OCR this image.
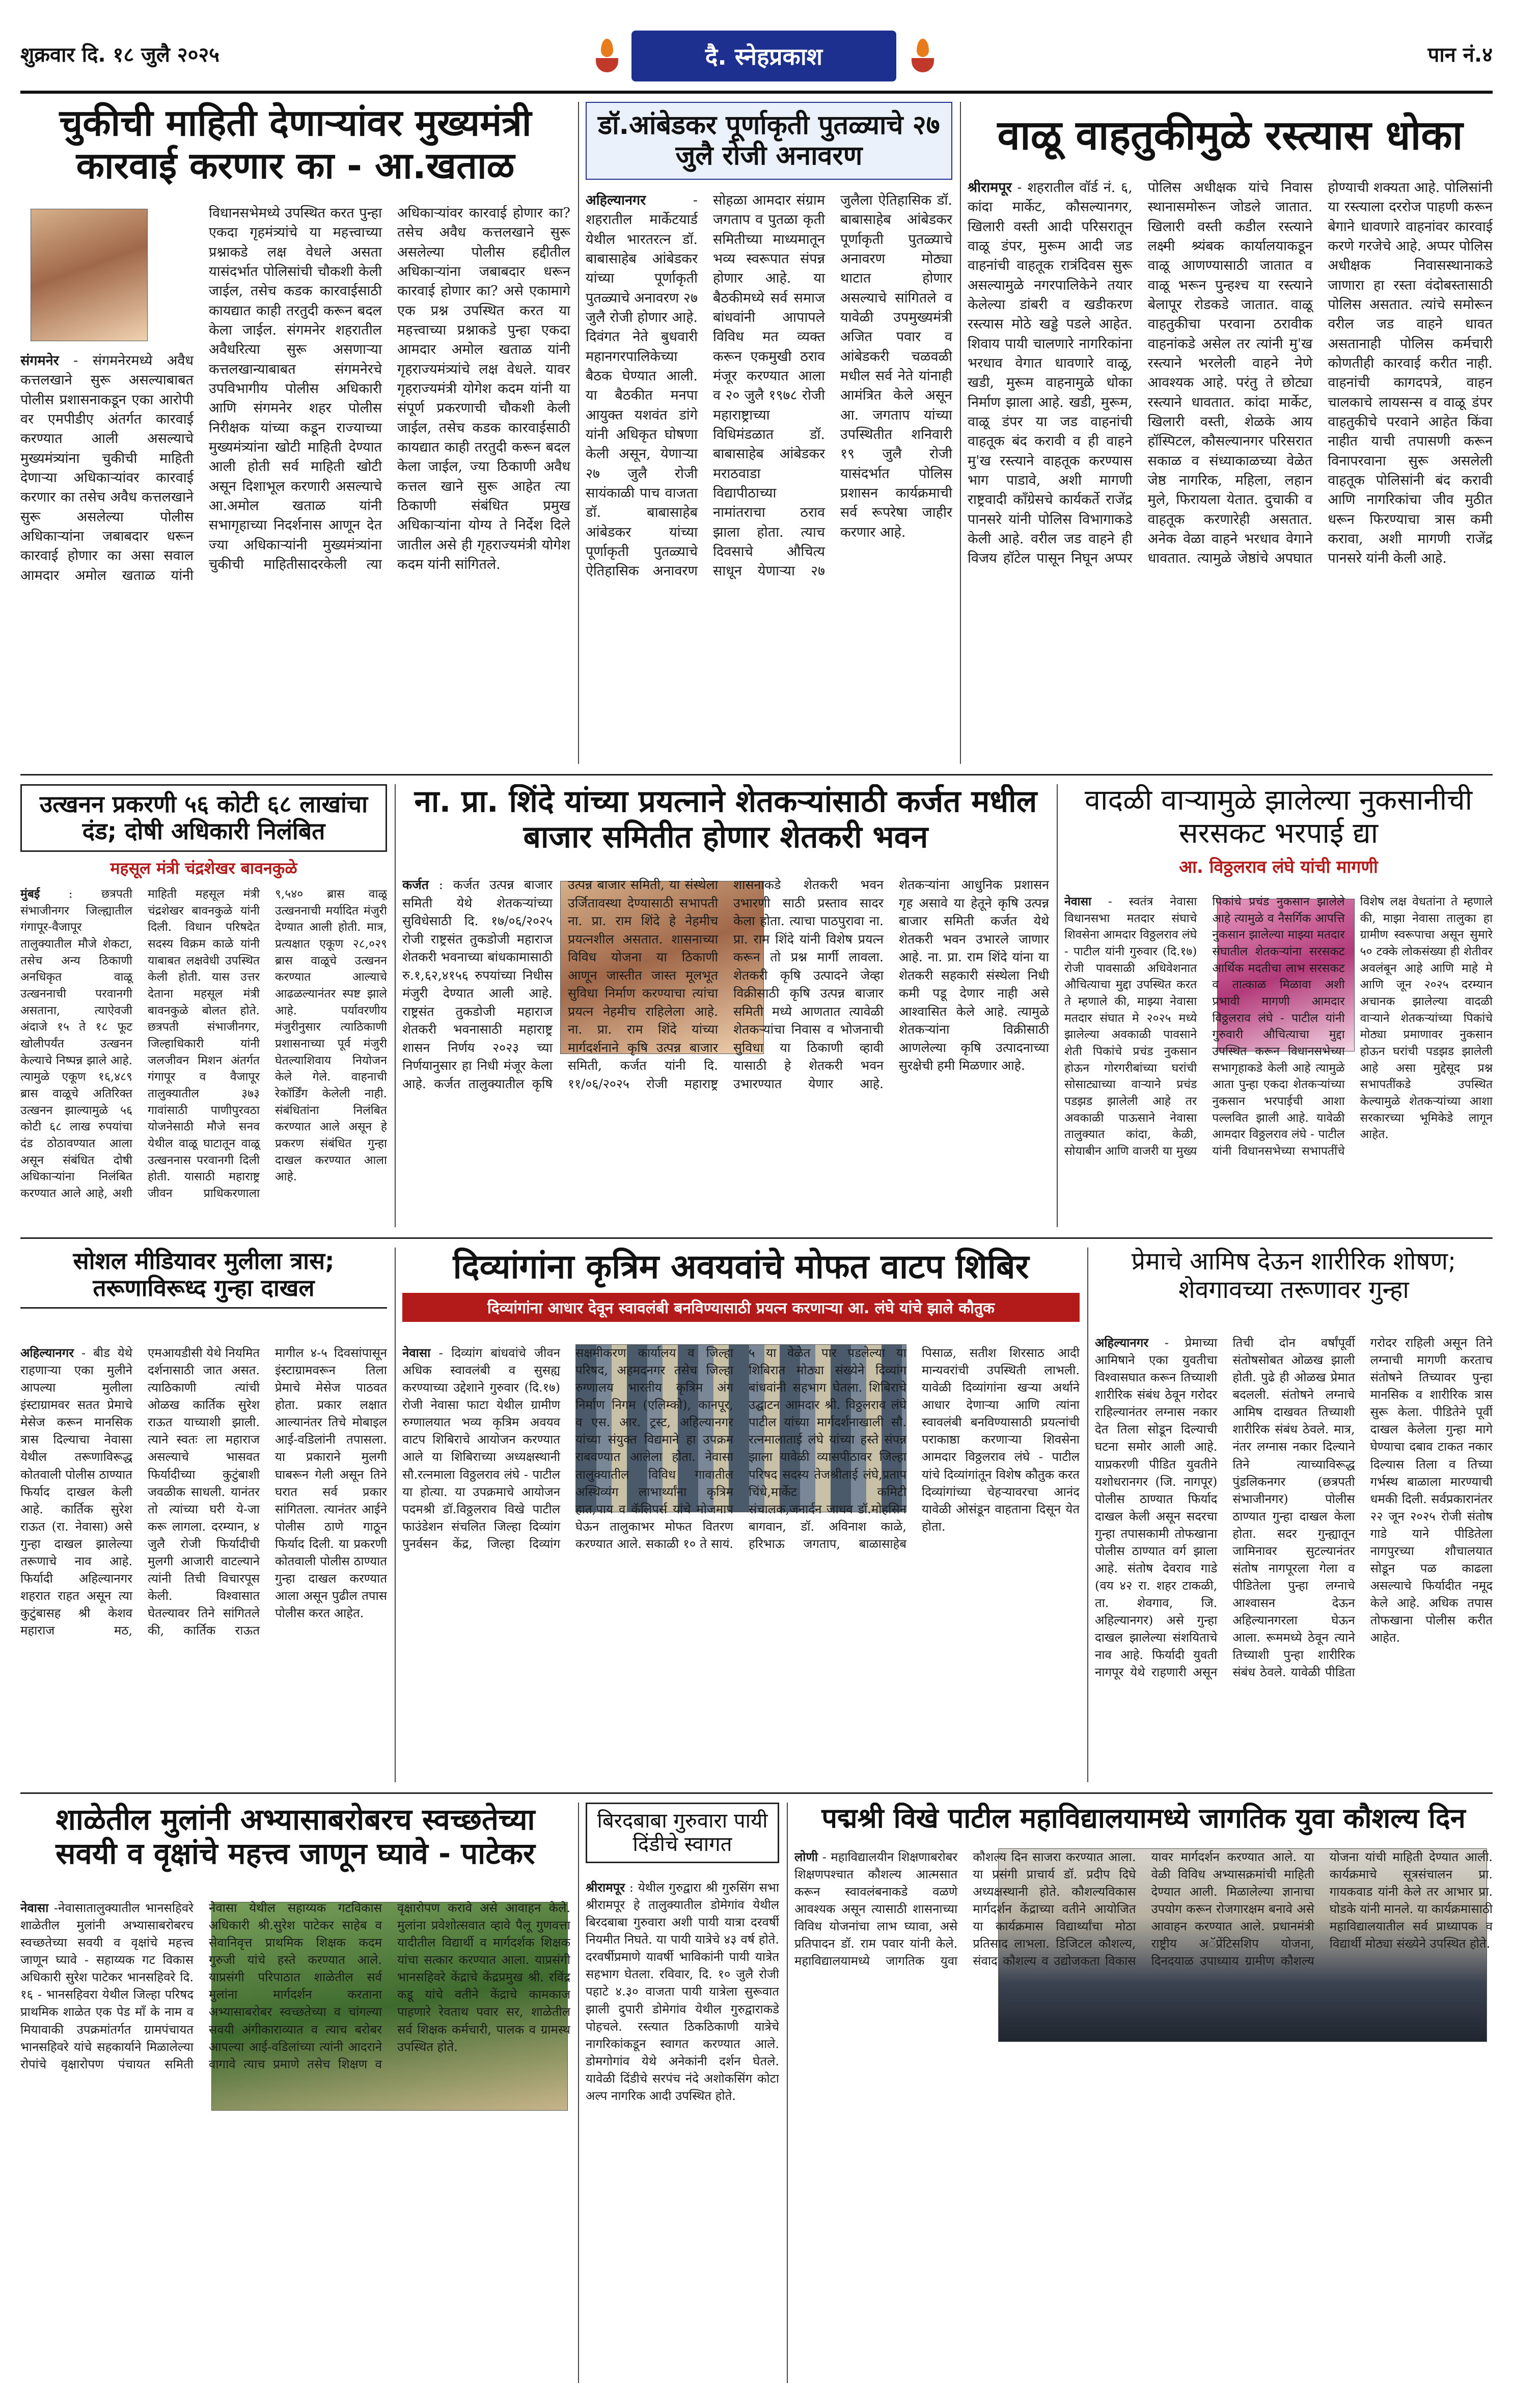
शुक्रवार दि. १८ जुलै २०२५	दै. स्नेहप्रकाश	पान नं.४
चुकीची माहिती देणाऱ्यांवर मुख्यमंत्री कारवाई करणार का - आ.खताळ
संगमनेर - संगमनेरमध्ये अवैध कत्तलखाने सुरू असल्याबाबत पोलीस प्रशासनाकडून एका आरोपी वर एमपीडीए अंतर्गत कारवाई करण्यात आली असल्याचे मुख्यमंत्र्यांना चुकीची माहिती देणाऱ्या अधिकाऱ्यांवर कारवाई करणार का तसेच अवैध कत्तलखाने सुरू असलेल्या पोलीस अधिकाऱ्यांना जबाबदार धरून कारवाई होणार का असा सवाल आमदार अमोल खताळ यांनी विधानसभेमध्ये उपस्थित करत पुन्हा एकदा गृहमंत्र्यांचे या महत्त्वाच्या प्रश्नाकडे लक्ष वेधले असता यासंदर्भात पोलिसांची चौकशी केली जाईल, तसेच कडक कारवाईसाठी कायद्यात काही तरतुदी करून बदल केला जाईल. संगमनेर शहरातील अवैधरित्या सुरू असणाऱ्या कत्तलखान्याबाबत संगमनेरचे उपविभागीय पोलीस अधिकारी आणि संगमनेर शहर पोलीस निरीक्षक यांच्या कडून राज्याच्या मुख्यमंत्र्यांना खोटी माहिती देण्यात आली होती सर्व माहिती खोटी असून दिशाभूल करणारी असल्याचे आ.अमोल खताळ यांनी सभागृहाच्या निदर्शनास आणून देत ज्या अधिकाऱ्यांनी मुख्यमंत्र्यांना चुकीची माहितीसादरकेली त्या अधिकाऱ्यांवर कारवाई होणार का? तसेच अवैध कत्तलखाने सुरू असलेल्या पोलीस हद्दीतील अधिकाऱ्यांना जबाबदार धरून कारवाई होणार का? असे एकामागे एक प्रश्न उपस्थित करत या महत्त्वाच्या प्रश्नाकडे पुन्हा एकदा आमदार अमोल खताळ यांनी गृहराज्यमंत्र्यांचे लक्ष वेधले. यावर गृहराज्यमंत्री योगेश कदम यांनी या संपूर्ण प्रकरणाची चौकशी केली जाईल, तसेच कडक कारवाईसाठी कायद्यात काही तरतुदी करून बदल केला जाईल, ज्या ठिकाणी अवैध कत्तल खाने सुरू आहेत त्या ठिकाणी संबंधित प्रमुख अधिकाऱ्यांना योग्य ते निर्देश दिले जातील असे ही गृहराज्यमंत्री योगेश कदम यांनी सांगितले.
डॉ.आंबेडकर पूर्णाकृती पुतळ्याचे २७ जुलै रोजी अनावरण
अहिल्यानगर	- शहरातील मार्केटयार्ड येथील भारतरत्न डॉ. बाबासाहेब आंबेडकर यांच्या पूर्णाकृती पुतळ्याचे अनावरण २७ जुलै रोजी होणार आहे. दिवंगत नेते बुधवारी महानगरपालिकेच्या बैठक घेण्यात आली. या बैठकीत मनपा आयुक्त यशवंत डांगे यांनी अधिकृत घोषणा केली असून, येणाऱ्या २७ जुलै रोजी सायंकाळी पाच वाजता डॉ. बाबासाहेब आंबेडकर यांच्या पूर्णाकृती पुतळ्याचे ऐतिहासिक अनावरण सोहळा आमदार संग्राम जगताप व पुतळा कृती समितीच्या माध्यमातून भव्य स्वरूपात संपन्न होणार आहे. या बैठकीमध्ये सर्व समाज बांधवांनी आपापले विविध मत व्यक्त करून एकमुखी ठराव मंजूर करण्यात आला व २० जुलै १९७८ रोजी महाराष्ट्राच्या विधिमंडळात डॉ. बाबासाहेब आंबेडकर मराठवाडा विद्यापीठाच्या नामांतराचा ठराव झाला होता. त्याच दिवसाचे औचित्य साधून येणाऱ्या २७ जुलैला ऐतिहासिक डॉ. बाबासाहेब आंबेडकर पूर्णाकृती पुतळ्याचे अनावरण मोठ्या थाटात होणार असल्याचे सांगितले व यावेळी उपमुख्यमंत्री अजित पवार व आंबेडकरी चळवळी मधील सर्व नेते यांनाही आमंत्रित केले असून आ. जगताप यांच्या उपस्थितीत शनिवारी १९ जुलै रोजी यासंदर्भात पोलिस प्रशासन कार्यक्रमाची सर्व रूपरेषा जाहीर करणार आहे.
वाळू वाहतुकीमुळे रस्त्यास धोका
श्रीरामपूर - शहरातील वॉर्ड नं. ६, कांदा मार्केट, कौसल्यानगर, खिलारी वस्ती आदी परिसरातून वाळू डंपर, मुरूम आदी जड वाहनांची वाहतूक रात्रंदिवस सुरू असल्यामुळे नगरपालिकेने तयार केलेल्या डांबरी व खडीकरण रस्त्यास मोठे खड्डे पडले आहेत. शिवाय पायी चालणारे नागरिकांना भरधाव वेगात धावणारे वाळू, खडी, मुरूम वाहनामुळे धोका निर्माण झाला आहे. खडी, मुरूम, वाळू डंपर या जड वाहनांची वाहतूक बंद करावी व ही वाहने मु'ख रस्त्याने वाहतूक करण्यास भाग पाडावे, अशी मागणी राष्ट्रवादी काँग्रेसचे कार्यकर्ते राजेंद्र पानसरे यांनी पोलिस विभागाकडे केली आहे. वरील जड वाहने ही विजय हॉटेल पासून निघून अप्पर पोलिस अधीक्षक यांचे निवास स्थानासमोरून जोडले जातात. खिलारी वस्ती कडील रस्त्याने लक्ष्मी श्र्यंबक कार्यालयाकडून वाळू आणण्यासाठी जातात व वाळू भरून पुन्हश्च या रस्त्याने बेलापूर रोडकडे जातात. वाळू वाहतुकीचा परवाना ठरावीक वाहनांकडे असेल तर त्यांनी मु'ख रस्त्याने भरलेली वाहने नेणे आवश्यक आहे. परंतु ते छोट्या रस्त्याने धावतात. कांदा मार्केट, खिलारी वस्ती, शेळके आय हॉस्पिटल, कौसल्यानगर परिसरात सकाळ व संध्याकाळच्या वेळेत जेष्ठ नागरिक, महिला, लहान मुले, फिरायला येतात. दुचाकी व वाहतूक करणारेही असतात. अनेक वेळा वाहने भरधाव वेगाने धावतात. त्यामुळे जेष्ठांचे अपघात होण्याची शक्यता आहे. पोलिसांनी या रस्त्याला दररोज पाहणी करून बेगाने धावणारे वाहनांवर कारवाई करणे गरजेचे आहे. अप्पर पोलिस अधीक्षक निवासस्थानाकडे जाणारा हा रस्ता वंदोबस्तासाठी पोलिस असतात. त्यांचे समोरून वरील जड वाहने धावत असतानाही पोलिस कर्मचारी कोणतीही कारवाई करीत नाही. वाहनांची कागदपत्रे, वाहन चालकाचे लायसन्स व वाळू डंपर वाहतुकीचे परवाने आहेत किंवा नाहीत याची तपासणी करून विनापरवाना सुरू असलेली वाहतूक पोलिसांनी बंद करावी आणि नागरिकांचा जीव मुठीत धरून फिरण्याचा त्रास कमी करावा, अशी मागणी राजेंद्र पानसरे यांनी केली आहे.
उत्खनन प्रकरणी ५६ कोटी ६८ लाखांचा दंड; दोषी अधिकारी निलंबित
महसूल मंत्री चंद्रशेखर बावनकुळे
मुंबई : छत्रपती संभाजीनगर जिल्ह्यातील गंगापूर-वैजापूर तालुक्यातील मौजे शेकटा, तसेच अन्य ठिकाणी अनधिकृत वाळू उत्खननाची परवानगी असताना, त्याऐवजी अंदाजे १५ ते १८ फूट खोलीपर्यंत उत्खनन केल्याचे निष्पन्न झाले आहे. त्यामुळे एकूण १६,४८९ ब्रास वाळूचे अतिरिक्त उत्खनन झाल्यामुळे ५६ कोटी ६८ लाख रुपयांचा दंड ठोठावण्यात आला असून संबंधित दोषी अधिकाऱ्यांना निलंबित करण्यात आले आहे, अशी माहिती महसूल मंत्री चंद्रशेखर बावनकुळे यांनी दिली. विधान परिषदेत सदस्य विक्रम काळे यांनी याबाबत लक्षवेधी उपस्थित केली होती. यास उत्तर देताना महसूल मंत्री बावनकुळे बोलत होते. छत्रपती संभाजीनगर, जिल्हाधिकारी यांनी जलजीवन मिशन अंतर्गत गंगापूर व वैजापूर तालुक्यातील ३७३ गावांसाठी पाणीपुरवठा योजनेसाठी मौजे सनव येथील वाळू घाटातून वाळू उत्खननास परवानगी दिली होती. यासाठी महाराष्ट्र जीवन प्राधिकरणाला ९,५४० ब्रास वाळू उत्खननाची मर्यादित मंजुरी देण्यात आली होती. मात्र, प्रत्यक्षात एकूण २८,०२९ ब्रास वाळूचे उत्खनन करण्यात आल्याचे आढळल्यानंतर स्पष्ट झाले आहे. पर्यावरणीय मंजुरीनुसार त्याठिकाणी प्रशासनाच्या पूर्व मंजुरी घेतल्याशिवाय नियोजन केले गेले. वाहनाची रेकॉर्डिंग केलेली नाही. संबंधितांना निलंबित करण्यात आले असून हे प्रकरण संबंधित गुन्हा दाखल करण्यात आला आहे.
ना. प्रा. शिंदे यांच्या प्रयत्नाने शेतकऱ्यांसाठी कर्जत मधील बाजार समितीत होणार शेतकरी भवन
कर्जत : कर्जत उत्पन्न बाजार समिती येथे शेतकऱ्यांच्या सुविधेसाठी दि. १७/०६/२०२५ रोजी राष्ट्रसंत तुकडोजी महाराज शेतकरी भवनाच्या बांधकामासाठी रु.१,६२,४१५६ रुपयांच्या निधीस मंजुरी देण्यात आली आहे. राष्ट्रसंत तुकडोजी महाराज शेतकरी भवनासाठी महाराष्ट्र शासन निर्णय २०२३ च्या निर्णयानुसार हा निधी मंजूर केला आहे. कर्जत तालुक्यातील कृषि उत्पन्न बाजार समिती, या संस्थेला उर्जितावस्था देण्यासाठी सभापती ना. प्रा. राम शिंदे हे नेहमीच प्रयत्नशील असतात. शासनाच्या विविध योजना या ठिकाणी आणून जास्तीत जास्त मूलभूत सुविधा निर्माण करण्याचा त्यांचा प्रयत्न नेहमीच राहिलेला आहे. ना. प्रा. राम शिंदे यांच्या मार्गदर्शनाने कृषि उत्पन्न बाजार समिती, कर्जत यांनी दि. ११/०६/२०२५ रोजी महाराष्ट्र शासनाकडे शेतकरी भवन उभारणी साठी प्रस्ताव सादर केला होता. त्याचा पाठपुरावा ना. प्रा. राम शिंदे यांनी विशेष प्रयत्न करून तो प्रश्न मार्गी लावला. शेतकरी कृषि उत्पादने जेव्हा विक्रीसाठी कृषि उत्पन्न बाजार समिती मध्ये आणतात त्यावेळी शेतकऱ्यांचा निवास व भोजनाची सुविधा या ठिकाणी व्हावी यासाठी हे शेतकरी भवन उभारण्यात येणार आहे. शेतकऱ्यांना आधुनिक प्रशासन गृह असावे या हेतूने कृषि उत्पन्न बाजार समिती कर्जत येथे शेतकरी भवन उभारले जाणार आहे. ना. प्रा. राम शिंदे यांना या शेतकरी सहकारी संस्थेला निधी कमी पडू देणार नाही असे आश्वासित केले आहे. त्यामुळे शेतकऱ्यांना विक्रीसाठी आणलेल्या कृषि उत्पादनाच्या सुरक्षेची हमी मिळणार आहे.
वादळी वाऱ्यामुळे झालेल्या नुकसानीची सरसकट भरपाई द्या
आ. विठ्ठलराव लंघे यांची मागणी
नेवासा - स्वतंत्र नेवासा विधानसभा मतदार संघाचे शिवसेना आमदार विठ्ठलराव लंघे - पाटील यांनी गुरुवार (दि.१७) रोजी पावसाळी अधिवेशनात औचित्याचा मुद्दा उपस्थित करत ते म्हणाले की, माझ्या नेवासा मतदार संघात मे २०२५ मध्ये झालेल्या अवकाळी पावसाने शेती पिकांचे प्रचंड नुकसान होऊन गोरगरीबांच्या घरांची सोसाट्याच्या वाऱ्याने प्रचंड पडझड झालेली आहे तर अवकाळी पाऊसाने नेवासा तालुक्यात कांदा, केळी, सोयाबीन आणि वाजरी या मुख्य पिकांचे प्रचंड नुकसान झालेले आहे त्यामुळे व नैसर्गिक आपत्ति नुकसान झालेल्या माझ्या मतदार संघातील शेतकऱ्यांना सरसकट आर्थिक मदतीचा लाभ सरसकट व तात्काळ मिळावा अशी प्रभावी मागणी आमदार विठ्ठलराव लंघे - पाटील यांनी गुरुवारी औचित्याचा मुद्दा उपस्थित करून विधानसभेच्या सभागृहाकडे केली आहे त्यामुळे आता पुन्हा एकदा शेतकऱ्यांच्या नुकसान भरपाईची आशा पल्लवित झाली आहे. यावेळी आमदार विठ्ठलराव लंघे - पाटील यांनी विधानसभेच्या सभापतींचे विशेष लक्ष वेधतांना ते म्हणाले की, माझा नेवासा तालुका हा ग्रामीण स्वरूपाचा असून सुमारे ५० टक्के लोकसंख्या ही शेतीवर अवलंबून आहे आणि माहे मे आणि जून २०२५ दरम्यान अचानक झालेल्या वादळी वाऱ्याने शेतकऱ्यांच्या पिकांचे मोठ्या प्रमाणावर नुकसान होऊन घरांची पडझड झालेली आहे असा मुद्देसूद प्रश्न सभापतींकडे उपस्थित केल्यामुळे शेतकऱ्यांच्या आशा सरकारच्या भूमिकेडे लागून आहेत.
सोशल मीडियावर मुलीला त्रास; तरूणाविरूध्द गुन्हा दाखल
अहिल्यानगर - बीड येथे राहणाऱ्या एका मुलीने आपल्या मुलीला इंस्टाग्रामवर सतत प्रेमाचे मेसेज करून मानसिक त्रास दिल्याचा नेवासा येथील तरूणाविरूद्ध कोतवाली पोलीस ठाण्यात फिर्याद दाखल केली आहे. कार्तिक सुरेश राऊत (रा. नेवासा) असे गुन्हा दाखल झालेल्या तरूणाचे नाव आहे. फिर्यादी अहिल्यानगर शहरात राहत असून त्या कुटुंबासह श्री केशव महाराज मठ, एमआयडीसी येथे नियमित दर्शनासाठी जात असत. त्याठिकाणी त्यांची ओळख कार्तिक सुरेश राऊत याच्याशी झाली. त्याने स्वतः ला महाराज असल्याचे भासवत फिर्यादीच्या कुटुंबाशी जवळीक साधली. यानंतर तो त्यांच्या घरी ये-जा करू लागला. दरम्यान, ४ जुलै रोजी फिर्यादीची मुलगी आजारी वाटल्याने त्यांनी तिची विचारपूस केली. विश्वासात घेतल्यावर तिने सांगितले की, कार्तिक राऊत मागील ४-५ दिवसांपासून इंस्टाग्रामवरून तिला प्रेमाचे मेसेज पाठवत होता. प्रकार लक्षात आल्यानंतर तिचे मोबाइल आई-वडिलांनी तपासला. या प्रकाराने मुलगी घाबरून गेली असून तिने घरात सर्व प्रकार सांगितला. त्यानंतर आईने पोलीस ठाणे गाठून फिर्याद दिली. या प्रकरणी कोतवाली पोलीस ठाण्यात गुन्हा दाखल करण्यात आला असून पुढील तपास पोलीस करत आहेत.
दिव्यांगांना कृत्रिम अवयवांचे मोफत वाटप शिबिर
दिव्यांगांना आधार देवून स्वावलंबी बनविण्यासाठी प्रयत्न करणाऱ्या आ. लंघे यांचे झाले कौतुक
नेवासा - दिव्यांग बांधवांचे जीवन अधिक स्वावलंबी व सुसह्य करण्याच्या उद्देशाने गुरुवार (दि.१७) रोजी नेवासा फाटा येथील ग्रामीण रुग्णालयात भव्य कृत्रिम अवयव वाटप शिबिराचे आयोजन करण्यात आले या शिबिराच्या अध्यक्षस्थानी सौ.रत्नमाला विठ्ठलराव लंघे - पाटील या होत्या. या उपक्रमाचे आयोजन पदमश्री डॉ.विठ्ठलराव विखे पाटील फाउंडेशन संचलित जिल्हा दिव्यांग पुनर्वसन केंद्र, जिल्हा दिव्यांग सक्षमीकरण कार्यालय व जिल्हा परिषद, अहमदनगर तसेच जिल्हा रुग्णालय भारतीय कृत्रिम अंग निर्माण निगम (एलिम्को), कानपूर, व एस. आर. ट्रस्ट, अहिल्यानगर यांच्या संयुक्त विद्यमाने हा उपक्रम राबवण्यात आलेला होता. नेवासा तालुक्यातील विविध गावातील अस्थिव्यंग लाभार्थ्यांना कृत्रिम हात,पाय व कॅलिपर्स यांचे मोजमाप घेऊन तालुकाभर मोफत वितरण करण्यात आले. सकाळी १० ते सायं. ५ या वेळेत पार पडलेल्या या शिबिरात मोठ्या संख्येने दिव्यांग बांधवांनी सहभाग घेतला. शिबिराचे उद्घाटन आमदार श्री. विठ्ठलराव लंघे पाटील यांच्या मार्गदर्शनाखाली सौ. रत्नमालाताई लंघे यांच्या हस्ते संपन्न झाला यावेळी व्यासपीठावर जिल्हा परिषद सदस्य तेजश्रीताई लंघे,प्रताप चिंधे,मार्केट कमिटी संचालक,जनार्दन जाधव डॉ.मोहसिन बागवान, डॉ. अविनाश काळे, हरिभाऊ जगताप, बाळासाहेब पिसाळ, सतीश शिरसाठ आदी मान्यवरांची उपस्थिती लाभली. यावेळी दिव्यांगांना खऱ्या अर्थाने आधार देणाऱ्या आणि त्यांना स्वावलंबी बनविण्यासाठी प्रयत्नांची पराकाष्ठा करणाऱ्या शिवसेना आमदार विठ्ठलराव लंघे - पाटील यांचे दिव्यांगांतून विशेष कौतुक करत दिव्यांगांच्या चेहऱ्यावरचा आनंद यावेळी ओसंडून वाहताना दिसून येत होता.
प्रेमाचे आमिष देऊन शारीरिक शोषण; शेवगावच्या तरूणावर गुन्हा
अहिल्यानगर - प्रेमाच्या आमिषाने एका युवतीचा विश्वासघात करून तिच्याशी शारीरिक संबंध ठेवून गरोदर राहिल्यानंतर लग्नास नकार देत तिला सोडून दिल्याची घटना समोर आली आहे. याप्रकरणी पीडित युवतीने यशोधरानगर (जि. नागपूर) पोलीस ठाण्यात फिर्याद दाखल केली असून सदरचा गुन्हा तपासकामी तोफखाना पोलीस ठाण्यात वर्ग झाला आहे. संतोष देवराव गाडे (वय ४२ रा. शहर टाकळी, ता. शेवगाव, जि. अहिल्यानगर) असे गुन्हा दाखल झालेल्या संशयिताचे नाव आहे. फिर्यादी युवती नागपूर येथे राहणारी असून तिची दोन वर्षांपूर्वी संतोषसोबत ओळख झाली होती. पुढे ही ओळख प्रेमात बदलली. संतोषने लग्नाचे आमिष दाखवत तिच्याशी शारीरिक संबंध ठेवले. मात्र, नंतर लग्नास नकार दिल्याने तिने त्याच्याविरूद्ध पुंडलिकनगर (छत्रपती संभाजीनगर) पोलीस ठाण्यात गुन्हा दाखल केला होता. सदर गुन्ह्यातून जामिनावर सुटल्यानंतर संतोष नागपूरला गेला व पीडितेला पुन्हा लग्नाचे आश्वासन देऊन अहिल्यानगरला घेऊन आला. रूममध्ये ठेवून त्याने तिच्याशी पुन्हा शारीरिक संबंध ठेवले. यावेळी पीडिता गरोदर राहिली असून तिने लग्नाची मागणी करताच संतोषने तिच्यावर पुन्हा मानसिक व शारीरिक त्रास सुरू केला. पीडितेने पूर्वी दाखल केलेला गुन्हा मागे घेण्याचा दबाव टाकत नकार दिल्यास तिला व तिच्या गर्भस्थ बाळाला मारण्याची धमकी दिली. सर्वप्रकारानंतर २२ जून २०२५ रोजी संतोष गाडे याने पीडितेला नागपुरच्या शौचालयात सोडून पळ काढला असल्याचे फिर्यादीत नमूद केले आहे. अधिक तपास तोफखाना पोलीस करीत आहेत.
शाळेतील मुलांनी अभ्यासाबरोबरच स्वच्छतेच्या सवयी व वृक्षांचे महत्त्व जाणून घ्यावे - पाटेकर
नेवासा -नेवासातालुक्यातील भानसहिवरे शाळेतील मुलांनी अभ्यासाबरोबरच स्वच्छतेच्या सवयी व वृक्षांचे महत्त्व जाणून घ्यावे - सहाय्यक गट विकास अधिकारी सुरेश पाटेकर भानसहिवरे दि. १६ - भानसहिवरा येथील जिल्हा परिषद प्राथमिक शाळेत एक पेड माँ के नाम व मियावाकी उपक्रमांतर्गत ग्रामपंचायत भानसहिवरे यांचे सहकार्याने मिळालेल्या रोपांचे वृक्षारोपण पंचायत समिती नेवासा येथील सहाय्यक गटविकास अधिकारी श्री.सुरेश पाटेकर साहेब व सेवानिवृत्त प्राथमिक शिक्षक कदम गुरुजी यांचे हस्ते करण्यात आले. याप्रसंगी परिपाठात शाळेतील सर्व मुलांना मार्गदर्शन करताना अभ्यासाबरोबर स्वच्छतेच्या व चांगल्या सवयी अंगीकाराव्यात व त्याच बरोबर आपल्या आई-वडिलांच्या त्यांनी आदराने वागावे त्याच प्रमाणे तसेच शिक्षण व वृक्षारोपण करावे असे आवाहन केले. मुलांना प्रवेशोत्सवात व्हावे पैलू गुणवत्ता यादीतील विद्यार्थी व मार्गदर्शक शिक्षक यांचा सत्कार करण्यात आला. याप्रसंगी भानसहिवरे केंद्राचे केंद्रप्रमुख श्री. रविंद्र कडू यांचे वतीने केंद्राचे कामकाज पाहणारे रेवताथ पवार सर, शाळेतील सर्व शिक्षक कर्मचारी, पालक व ग्रामस्थ उपस्थित होते.
बिरदबाबा गुरुवारा पायी दिंडीचे स्वागत
श्रीरामपूर : येथील गुरुद्वारा श्री गुरुसिंग सभा श्रीरामपूर हे तालुक्यातील डोमेगांव येथील बिरदबाबा गुरुवारा अशी पायी यात्रा दरवर्षी नियमीत निघते. या पायी यात्रेचे ४३ वर्ष होते. दरवर्षीप्रमाणे यावर्षी भाविकांनी पायी यात्रेत सहभाग घेतला. रविवार, दि. १० जुलै रोजी पहाटे ४.३० वाजता पायी यात्रेला सुरूवात झाली दुपारी डोमेगांव येथील गुरुद्वाराकडे पोहचले. रस्त्यात ठिकठिकाणी यात्रेचे नागरिकांकडून स्वागत करण्यात आले. डोमगोगांव येथे अनेकांनी दर्शन घेतले. यावेळी दिंडीचे सरपंच नंदे अशोकसिंग कोटा अल्प नागरिक आदी उपस्थित होते.
पद्मश्री विखे पाटील महाविद्यालयामध्ये जागतिक युवा कौशल्य दिन
लोणी - महाविद्यालयीन शिक्षणाबरोबर शिक्षणपश्चात कौशल्य आत्मसात करून स्वावलंबनाकडे वळणे आवश्यक असून त्यासाठी शासनाच्या विविध योजनांचा लाभ घ्यावा, असे प्रतिपादन डॉ. राम पवार यांनी केले. महाविद्यालयामध्ये जागतिक युवा कौशल्य दिन साजरा करण्यात आला. या प्रसंगी प्राचार्य डॉ. प्रदीप दिघे अध्यक्षस्थानी होते. कौशल्यविकास मार्गदर्शन केंद्राच्या वतीने आयोजित या कार्यक्रमास विद्यार्थ्यांचा मोठा प्रतिसाद लाभला. डिजिटल कौशल्य, संवाद कौशल्य व उद्योजकता विकास यावर मार्गदर्शन करण्यात आले. या वेळी विविध अभ्यासक्रमांची माहिती देण्यात आली. मिळालेल्या ज्ञानाचा उपयोग करून रोजगारक्षम बनावे असे आवाहन करण्यात आले. प्रधानमंत्री राष्ट्रीय अॅप्रेंटिसशिप योजना, दिनदयाळ उपाध्याय ग्रामीण कौशल्य योजना यांची माहिती देण्यात आली. कार्यक्रमाचे सूत्रसंचालन प्रा. गायकवाड यांनी केले तर आभार प्रा. घोडके यांनी मानले. या कार्यक्रमासाठी महाविद्यालयातील सर्व प्राध्यापक व विद्यार्थी मोठ्या संख्येने उपस्थित होते.
